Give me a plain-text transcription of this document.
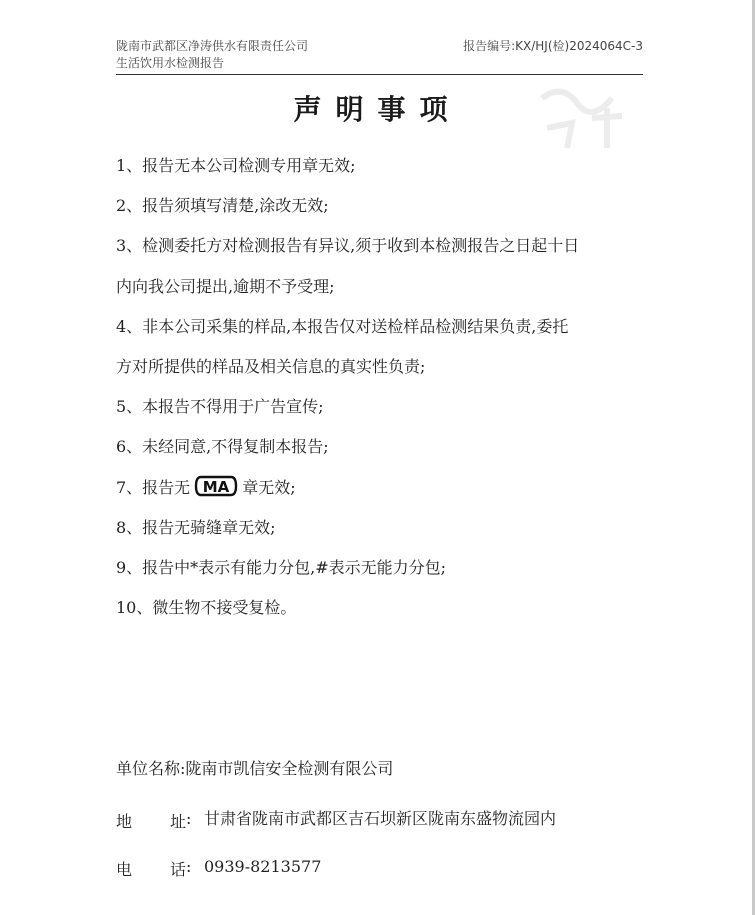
陇南市武都区净涛供水有限责任公司
生活饮用水检测报告
报告编号:KX/HJ(检)2024064C-3
声明事项
1、报告无本公司检测专用章无效;
2、报告须填写清楚,涂改无效;
3、检测委托方对检测报告有异议,须于收到本检测报告之日起十日
内向我公司提出,逾期不予受理;
4、非本公司采集的样品,本报告仅对送检样品检测结果负责,委托
方对所提供的样品及相关信息的真实性负责;
5、本报告不得用于广告宣传;
6、未经同意,不得复制本报告;
7、报告无 MA 章无效;
8、报告无骑缝章无效;
9、报告中*表示有能力分包,#表示无能力分包;
10、微生物不接受复检。
单位名称:陇南市凯信安全检测有限公司
地 址 : 甘肃省陇南市武都区吉石坝新区陇南东盛物流园内
电 话 : 0939-8213577
